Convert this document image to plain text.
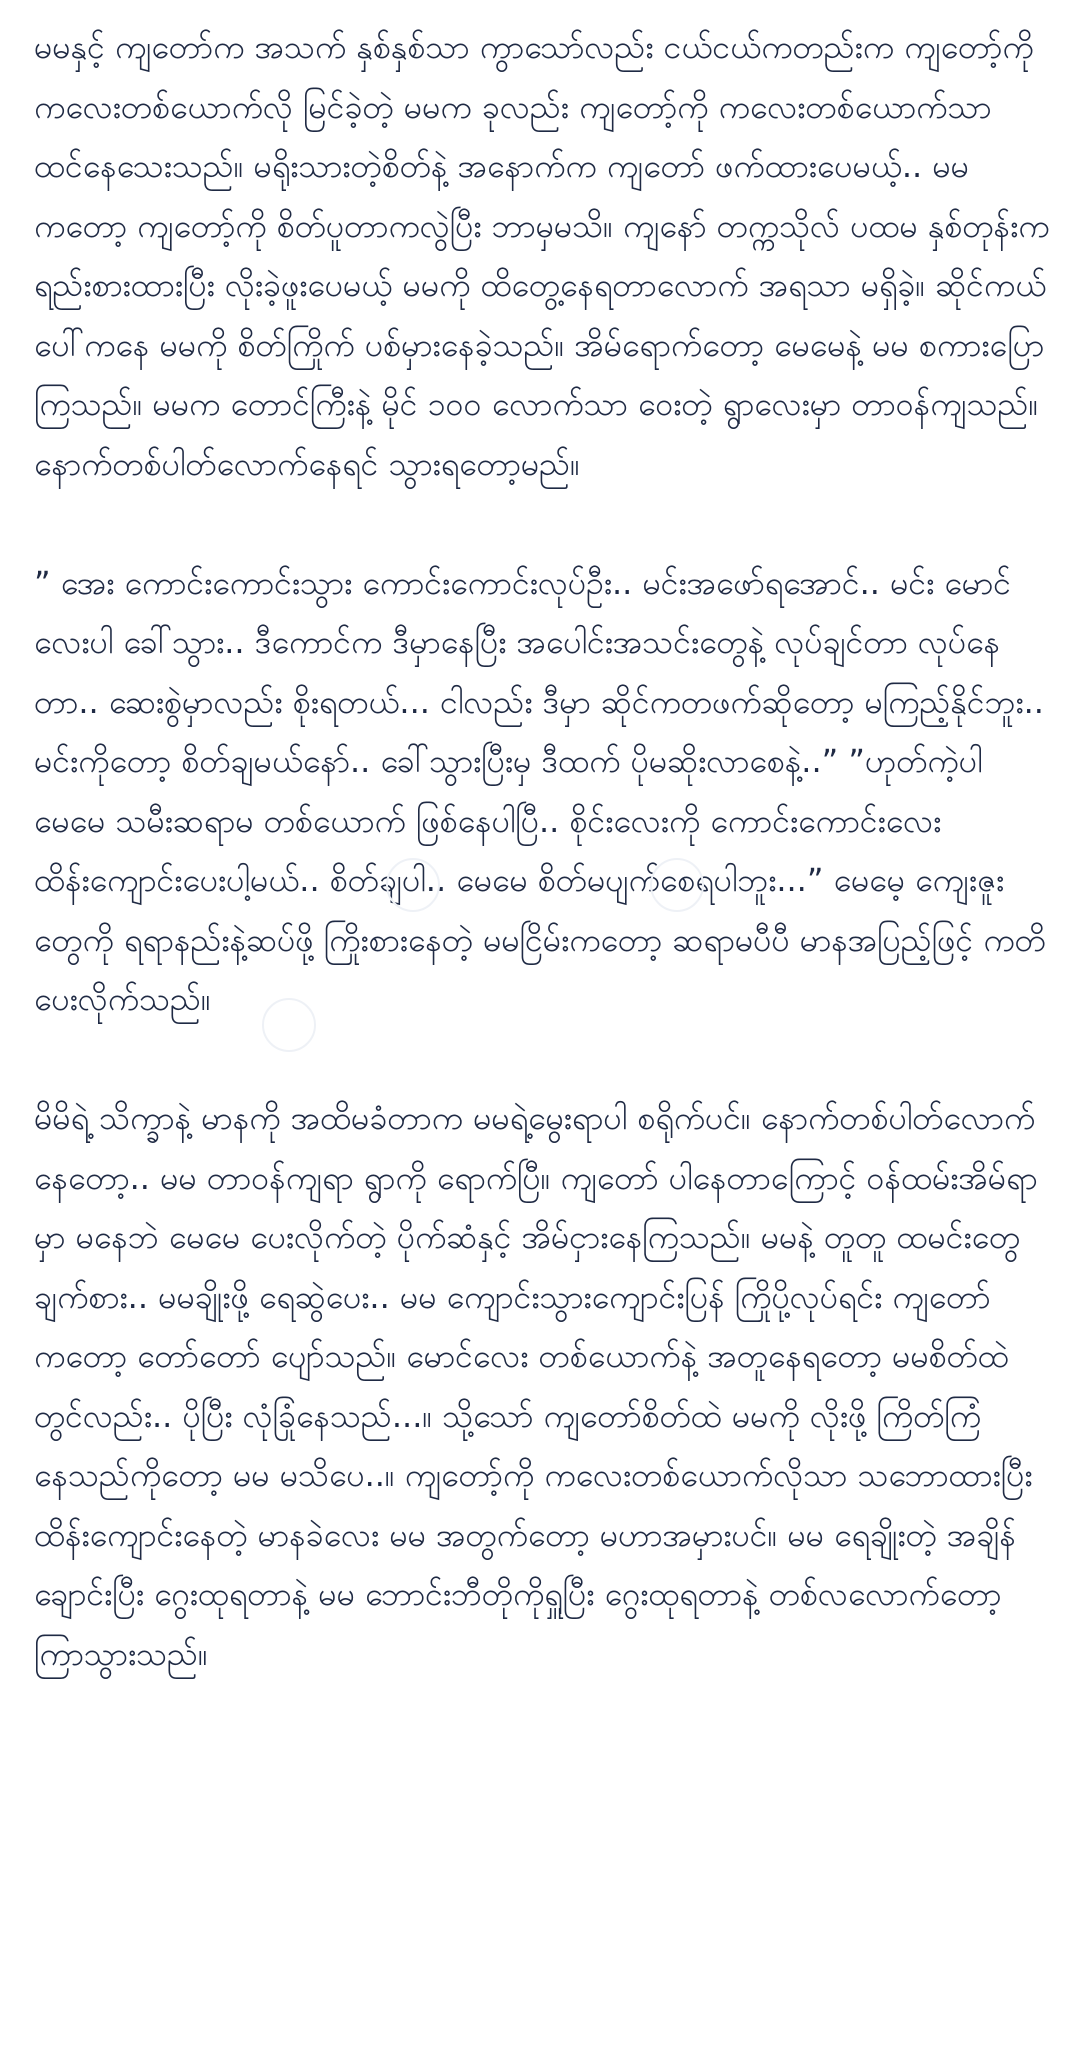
မမနှင့် ကျတော်က အသက် နှစ်နှစ်သာ ကွာသော်လည်း ငယ်ငယ်ကတည်းက ကျတော့်ကို ကလေးတစ်ယောက်လို မြင်ခဲ့တဲ့ မမက ခုလည်း ကျတော့်ကို ကလေးတစ်ယောက်သာ ထင်နေသေးသည်။ မရိုးသားတဲ့စိတ်နဲ့ အနောက်က ကျတော် ဖက်ထားပေမယ့်.. မမ ကတော့ ကျတော့်ကို စိတ်ပူတာကလွဲပြီး ဘာမှမသိ။ ကျနော် တက္ကသိုလ် ပထမ နှစ်တုန်းက ရည်းစားထားပြီး လိုးခဲ့ဖူးပေမယ့် မမကို ထိတွေ့နေရတာလောက် အရသာ မရှိခဲ့။ ဆိုင်ကယ်ပေါ်ကနေ မမကို စိတ်ကြိုက် ပစ်မှားနေခဲ့သည်။ အိမ်ရောက်တော့ မေမေနဲ့ မမ စကားပြောကြသည်။ မမက တောင်ကြီးနဲ့ မိုင် ၁၀၀ လောက်သာ ဝေးတဲ့ ရွာလေးမှာ တာဝန်ကျသည်။ နောက်တစ်ပါတ်လောက်နေရင် သွားရတော့မည်။

” အေး ကောင်းကောင်းသွား ကောင်းကောင်းလုပ်ဦး.. မင်းအဖော်ရအောင်.. မင်း မောင်လေးပါ ခေါ်သွား.. ဒီကောင်က ဒီမှာနေပြီး အပေါင်းအသင်းတွေနဲ့ လုပ်ချင်တာ လုပ်နေတာ.. ဆေးစွဲမှာလည်း စိုးရတယ်... ငါလည်း ဒီမှာ ဆိုင်ကတဖက်ဆိုတော့ မကြည့်နိုင်ဘူး.. မင်းကိုတော့ စိတ်ချမယ်နော်.. ခေါ်သွားပြီးမှ ဒီထက် ပိုမဆိုးလာစေနဲ့..” ”ဟုတ်ကဲ့ပါ မေမေ သမီးဆရာမ တစ်ယောက် ဖြစ်နေပါပြီ.. စိုင်းလေးကို ကောင်းကောင်းလေး ထိန်းကျောင်းပေးပါ့မယ်.. စိတ်ချပါ.. မေမေ စိတ်မပျက်စေရပါဘူး...” မေမေ့ ကျေးဇူးတွေကို ရရာနည်းနဲ့ဆပ်ဖို့ ကြိုးစားနေတဲ့ မမငြိမ်းကတော့ ဆရာမပီပီ မာနအပြည့်ဖြင့် ကတိပေးလိုက်သည်။

မိမိရဲ့ သိက္ခာနဲ့ မာနကို အထိမခံတာက မမရဲ့မွေးရာပါ စရိုက်ပင်။ နောက်တစ်ပါတ်လောက်နေတော့.. မမ တာဝန်ကျရာ ရွာကို ရောက်ပြီ။ ကျတော် ပါနေတာကြောင့် ဝန်ထမ်းအိမ်ရာမှာ မနေဘဲ မေမေ ပေးလိုက်တဲ့ ပိုက်ဆံနှင့် အိမ်ငှားနေကြသည်။ မမနဲ့ တူတူ ထမင်းတွေ ချက်စား.. မမချိုးဖို့ ရေဆွဲပေး.. မမ ကျောင်းသွားကျောင်းပြန် ကြိုပို့လုပ်ရင်း ကျတော်ကတော့ တော်တော် ပျော်သည်။ မောင်လေး တစ်ယောက်နဲ့ အတူနေရတော့ မမစိတ်ထဲတွင်လည်း.. ပိုပြီး လုံခြုံနေသည်...။ သို့သော် ကျတော်စိတ်ထဲ မမကို လိုးဖို့ ကြိတ်ကြံနေသည်ကိုတော့ မမ မသိပေ..။ ကျတော့်ကို ကလေးတစ်ယောက်လိုသာ သဘောထားပြီး ထိန်းကျောင်းနေတဲ့ မာနခဲလေး မမ အတွက်တော့ မဟာအမှားပင်။ မမ ရေချိုးတဲ့ အချိန်ချောင်းပြီး ဂွေးထုရတာနဲ့ မမ ဘောင်းဘီတိုကိုရှူပြီး ဂွေးထုရတာနဲ့ တစ်လလောက်တော့ ကြာသွားသည်။
